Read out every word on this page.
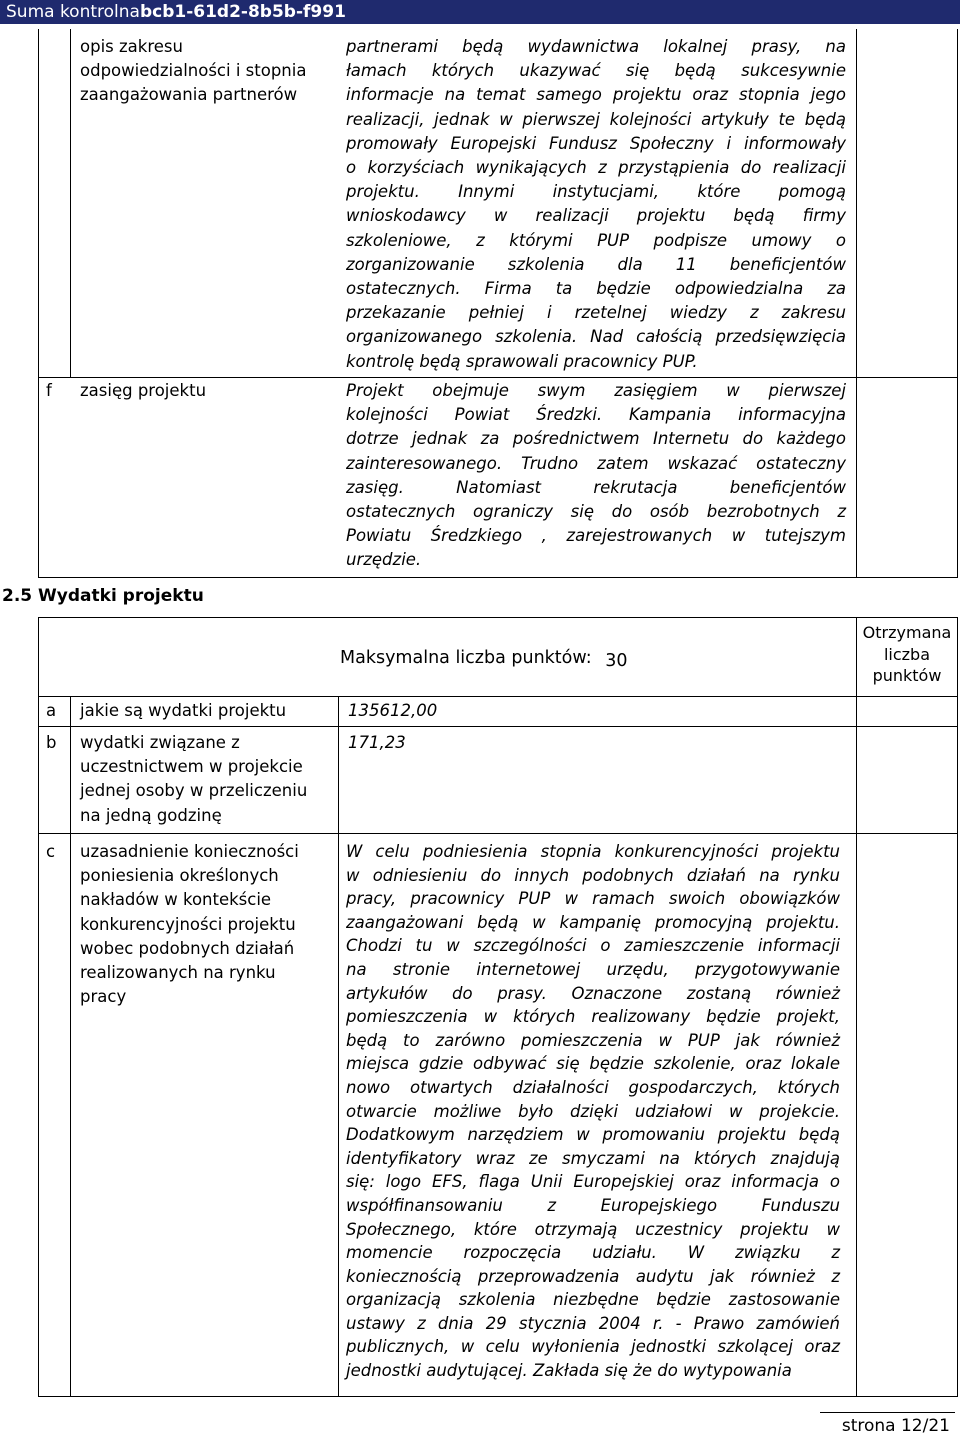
Suma kontrolnabcb1-61d2-8b5b-f991
opis zakresu odpowiedzialności i stopnia zaangażowania partnerów
partnerami będą wydawnictwa lokalnej prasy, na
łamach których ukazywać się będą sukcesywnie
informacje na temat samego projektu oraz stopnia jego
realizacji, jednak w pierwszej kolejności artykuły te będą
promowały Europejski Fundusz Społeczny i informowały
o korzyściach wynikających z przystąpienia do realizacji
projektu. Innymi instytucjami, które pomogą
wnioskodawcy w realizacji projektu będą firmy
szkoleniowe, z którymi PUP podpisze umowy o
zorganizowanie szkolenia dla 11 beneficjentów
ostatecznych. Firma ta będzie odpowiedzialna za
przekazanie pełniej i rzetelnej wiedzy z zakresu
organizowanego szkolenia. Nad całością przedsięwzięcia
kontrolę będą sprawowali pracownicy PUP.
f zasięg projektu	Projekt obejmuje swym zasięgiem w pierwszej
kolejności Powiat Średzki. Kampania informacyjna
dotrze jednak za pośrednictwem Internetu do każdego
zainteresowanego. Trudno zatem wskazać ostateczny
zasięg. Natomiast rekrutacja beneficjentów
ostatecznych ograniczy się do osób bezrobotnych z
Powiatu Średzkiego , zarejestrowanych w tutejszym
urzędzie.
2.5 Wydatki projektu
Maksymalna liczba punktów: 30
Otrzymana liczba punktów
a jakie są wydatki projektu	135612,00
b wydatki związane z uczestnictwem w projekcie jednej osoby w przeliczeniu na jedną godzinę
171,23
c uzasadnienie konieczności poniesienia określonych nakładów w kontekście konkurencyjności projektu wobec podobnych działań realizowanych na rynku pracy
W celu podniesienia stopnia konkurencyjności projektu
w odniesieniu do innych podobnych działań na rynku
pracy, pracownicy PUP w ramach swoich obowiązków
zaangażowani będą w kampanię promocyjną projektu.
Chodzi tu w szczególności o zamieszczenie informacji
na stronie internetowej urzędu, przygotowywanie
artykułów do prasy. Oznaczone zostaną również
pomieszczenia w których realizowany będzie projekt,
będą to zarówno pomieszczenia w PUP jak również
miejsca gdzie odbywać się będzie szkolenie, oraz lokale
nowo otwartych działalności gospodarczych, których
otwarcie możliwe było dzięki udziałowi w projekcie.
Dodatkowym narzędziem w promowaniu projektu będą
identyfikatory wraz ze smyczami na których znajdują
się: logo EFS, flaga Unii Europejskiej oraz informacja o
współfinansowaniu z Europejskiego Funduszu
Społecznego, które otrzymają uczestnicy projektu w
momencie rozpoczęcia udziału. W związku z
koniecznością przeprowadzenia audytu jak również z
organizacją szkolenia niezbędne będzie zastosowanie
ustawy z dnia 29 stycznia 2004 r. - Prawo zamówień
publicznych, w celu wyłonienia jednostki szkolącej oraz
jednostki audytującej. Zakłada się że do wytypowania
strona 12/21
